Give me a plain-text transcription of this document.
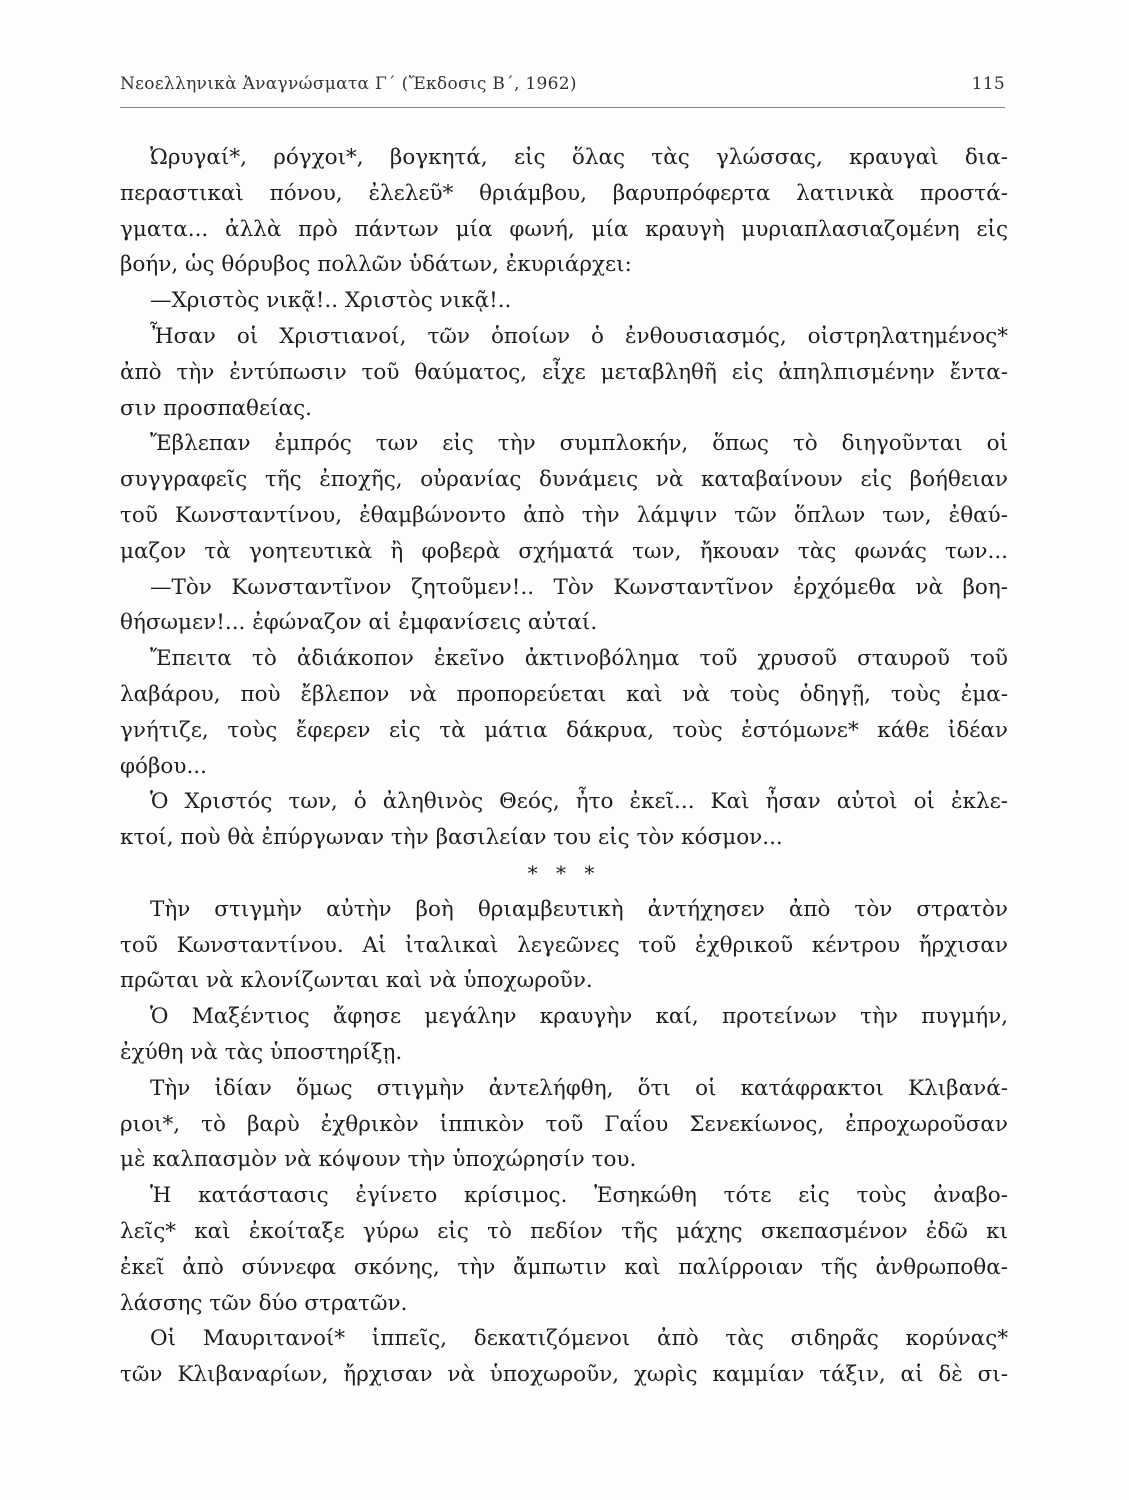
Νεοελληνικὰ Ἀναγνώσματα Γ΄ (Ἔκδοσις Β΄, 1962)	115
Ὠρυγαί*, ρόγχοι*, βογκητά, εἰς ὅλας τὰς γλώσσας, κραυγαὶ δια-
περαστικαὶ πόνου, ἐλελεῦ* θριάμβου, βαρυπρόφερτα λατινικὰ προστά-
γματα... ἀλλὰ πρὸ πάντων μία φωνή, μία κραυγὴ μυριαπλασιαζομένη εἰς
βοήν, ὡς θόρυβος πολλῶν ὑδάτων, ἐκυριάρχει:
—Χριστὸς νικᾷ!.. Χριστὸς νικᾷ!..
Ἦσαν οἱ Χριστιανοί, τῶν ὁποίων ὁ ἐνθουσιασμός, οἰστρηλατημένος*
ἀπὸ τὴν ἐντύπωσιν τοῦ θαύματος, εἶχε μεταβληθῆ εἰς ἀπηλπισμένην ἔντα-
σιν προσπαθείας.
Ἔβλεπαν ἐμπρός των εἰς τὴν συμπλοκήν, ὅπως τὸ διηγοῦνται οἱ
συγγραφεῖς τῆς ἐποχῆς, οὐρανίας δυνάμεις νὰ καταβαίνουν εἰς βοήθειαν
τοῦ Κωνσταντίνου, ἐθαμβώνοντο ἀπὸ τὴν λάμψιν τῶν ὅπλων των, ἐθαύ-
μαζον τὰ γοητευτικὰ ἢ φοβερὰ σχήματά των, ἤκουαν τὰς φωνάς των...
—Τὸν Κωνσταντῖνον ζητοῦμεν!.. Τὸν Κωνσταντῖνον ἐρχόμεθα νὰ βοη-
θήσωμεν!... ἐφώναζον αἱ ἐμφανίσεις αὐταί.
Ἔπειτα τὸ ἀδιάκοπον ἐκεῖνο ἀκτινοβόλημα τοῦ χρυσοῦ σταυροῦ τοῦ
λαβάρου, ποὺ ἔβλεπον νὰ προπορεύεται καὶ νὰ τοὺς ὁδηγῇ, τοὺς ἐμα-
γνήτιζε, τοὺς ἔφερεν εἰς τὰ μάτια δάκρυα, τοὺς ἐστόμωνε* κάθε ἰδέαν
φόβου...
Ὁ Χριστός των, ὁ ἀληθινὸς Θεός, ἦτο ἐκεῖ... Καὶ ἦσαν αὐτοὶ οἱ ἐκλε-
κτοί, ποὺ θὰ ἐπύργωναν τὴν βασιλείαν του εἰς τὸν κόσμον...
* * *
Τὴν στιγμὴν αὐτὴν βοὴ θριαμβευτικὴ ἀντήχησεν ἀπὸ τὸν στρατὸν
τοῦ Κωνσταντίνου. Αἱ ἰταλικαὶ λεγεῶνες τοῦ ἐχθρικοῦ κέντρου ἤρχισαν
πρῶται νὰ κλονίζωνται καὶ νὰ ὑποχωροῦν.
Ὁ Μαξέντιος ἄφησε μεγάλην κραυγὴν καί, προτείνων τὴν πυγμήν,
ἐχύθη νὰ τὰς ὑποστηρίξῃ.
Τὴν ἰδίαν ὅμως στιγμὴν ἀντελήφθη, ὅτι οἱ κατάφρακτοι Κλιβανά-
ριοι*, τὸ βαρὺ ἐχθρικὸν ἱππικὸν τοῦ Γαΐου Σενεκίωνος, ἐπροχωροῦσαν
μὲ καλπασμὸν νὰ κόψουν τὴν ὑποχώρησίν του.
Ἡ κατάστασις ἐγίνετο κρίσιμος. Ἐσηκώθη τότε εἰς τοὺς ἀναβο-
λεῖς* καὶ ἐκοίταξε γύρω εἰς τὸ πεδίον τῆς μάχης σκεπασμένον ἐδῶ κι
ἐκεῖ ἀπὸ σύννεφα σκόνης, τὴν ἄμπωτιν καὶ παλίρροιαν τῆς ἀνθρωποθα-
λάσσης τῶν δύο στρατῶν.
Οἱ Μαυριτανοί* ἱππεῖς, δεκατιζόμενοι ἀπὸ τὰς σιδηρᾶς κορύνας*
τῶν Κλιβαναρίων, ἤρχισαν νὰ ὑποχωροῦν, χωρὶς καμμίαν τάξιν, αἱ δὲ σι-
